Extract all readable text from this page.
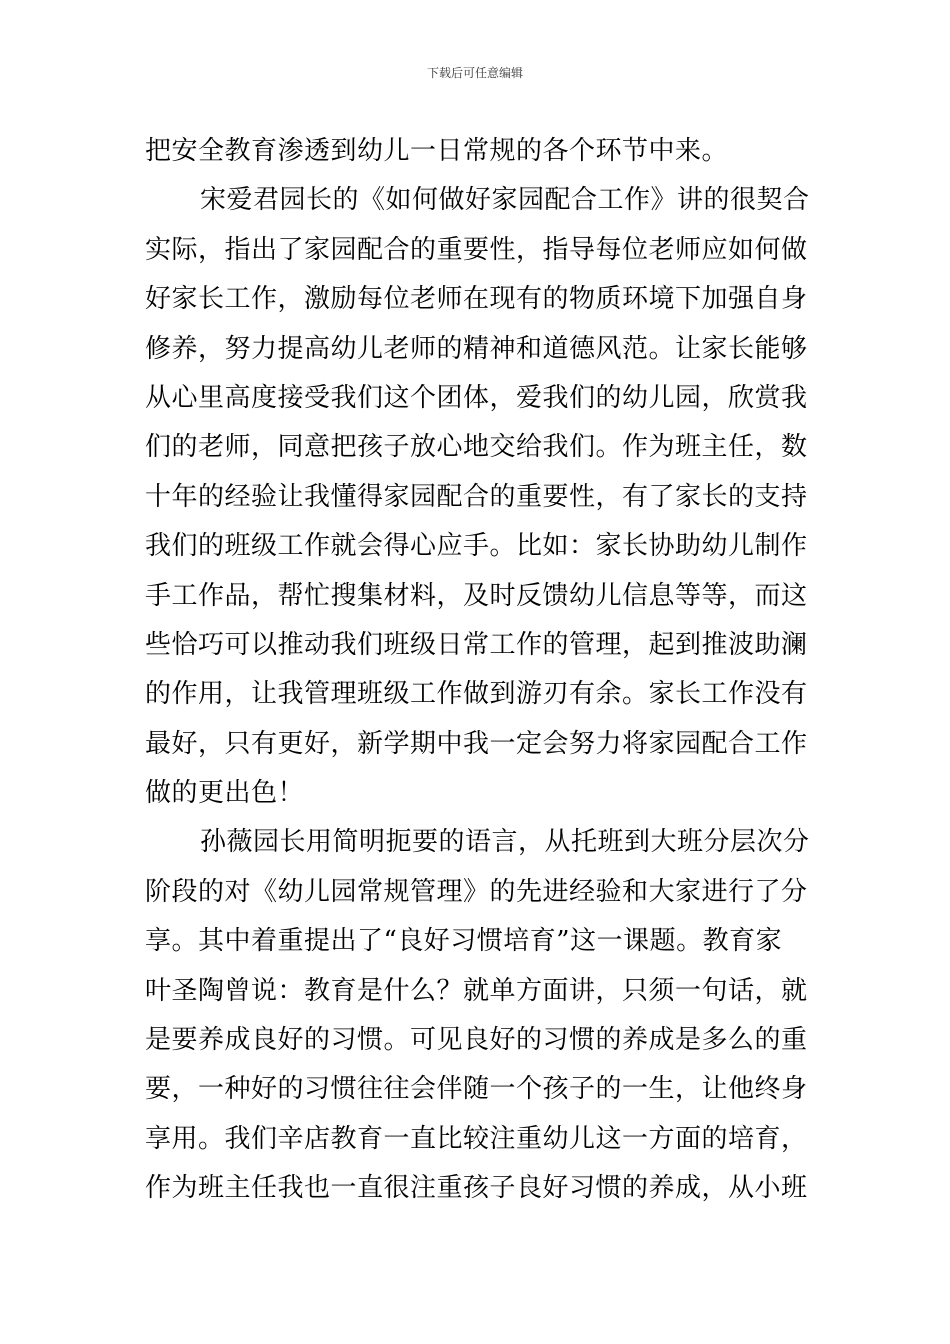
下载后可任意编辑
把安全教育渗透到幼儿一日常规的各个环节中来。
宋爱君园长的《如何做好家园配合工作》讲的很契合
实际，指出了家园配合的重要性，指导每位老师应如何做
好家长工作，激励每位老师在现有的物质环境下加强自身
修养，努力提高幼儿老师的精神和道德风范。让家长能够
从心里高度接受我们这个团体，爱我们的幼儿园，欣赏我
们的老师，同意把孩子放心地交给我们。作为班主任，数
十年的经验让我懂得家园配合的重要性，有了家长的支持
我们的班级工作就会得心应手。比如：家长协助幼儿制作
手工作品，帮忙搜集材料，及时反馈幼儿信息等等，而这
些恰巧可以推动我们班级日常工作的管理，起到推波助澜
的作用，让我管理班级工作做到游刃有余。家长工作没有
最好，只有更好，新学期中我一定会努力将家园配合工作
做的更出色！
孙薇园长用简明扼要的语言，从托班到大班分层次分
阶段的对《幼儿园常规管理》的先进经验和大家进行了分
享。其中着重提出了“良好习惯培育”这一课题。教育家
叶圣陶曾说：教育是什么？就单方面讲，只须一句话，就
是要养成良好的习惯。可见良好的习惯的养成是多么的重
要，一种好的习惯往往会伴随一个孩子的一生，让他终身
享用。我们辛店教育一直比较注重幼儿这一方面的培育，
作为班主任我也一直很注重孩子良好习惯的养成，从小班
